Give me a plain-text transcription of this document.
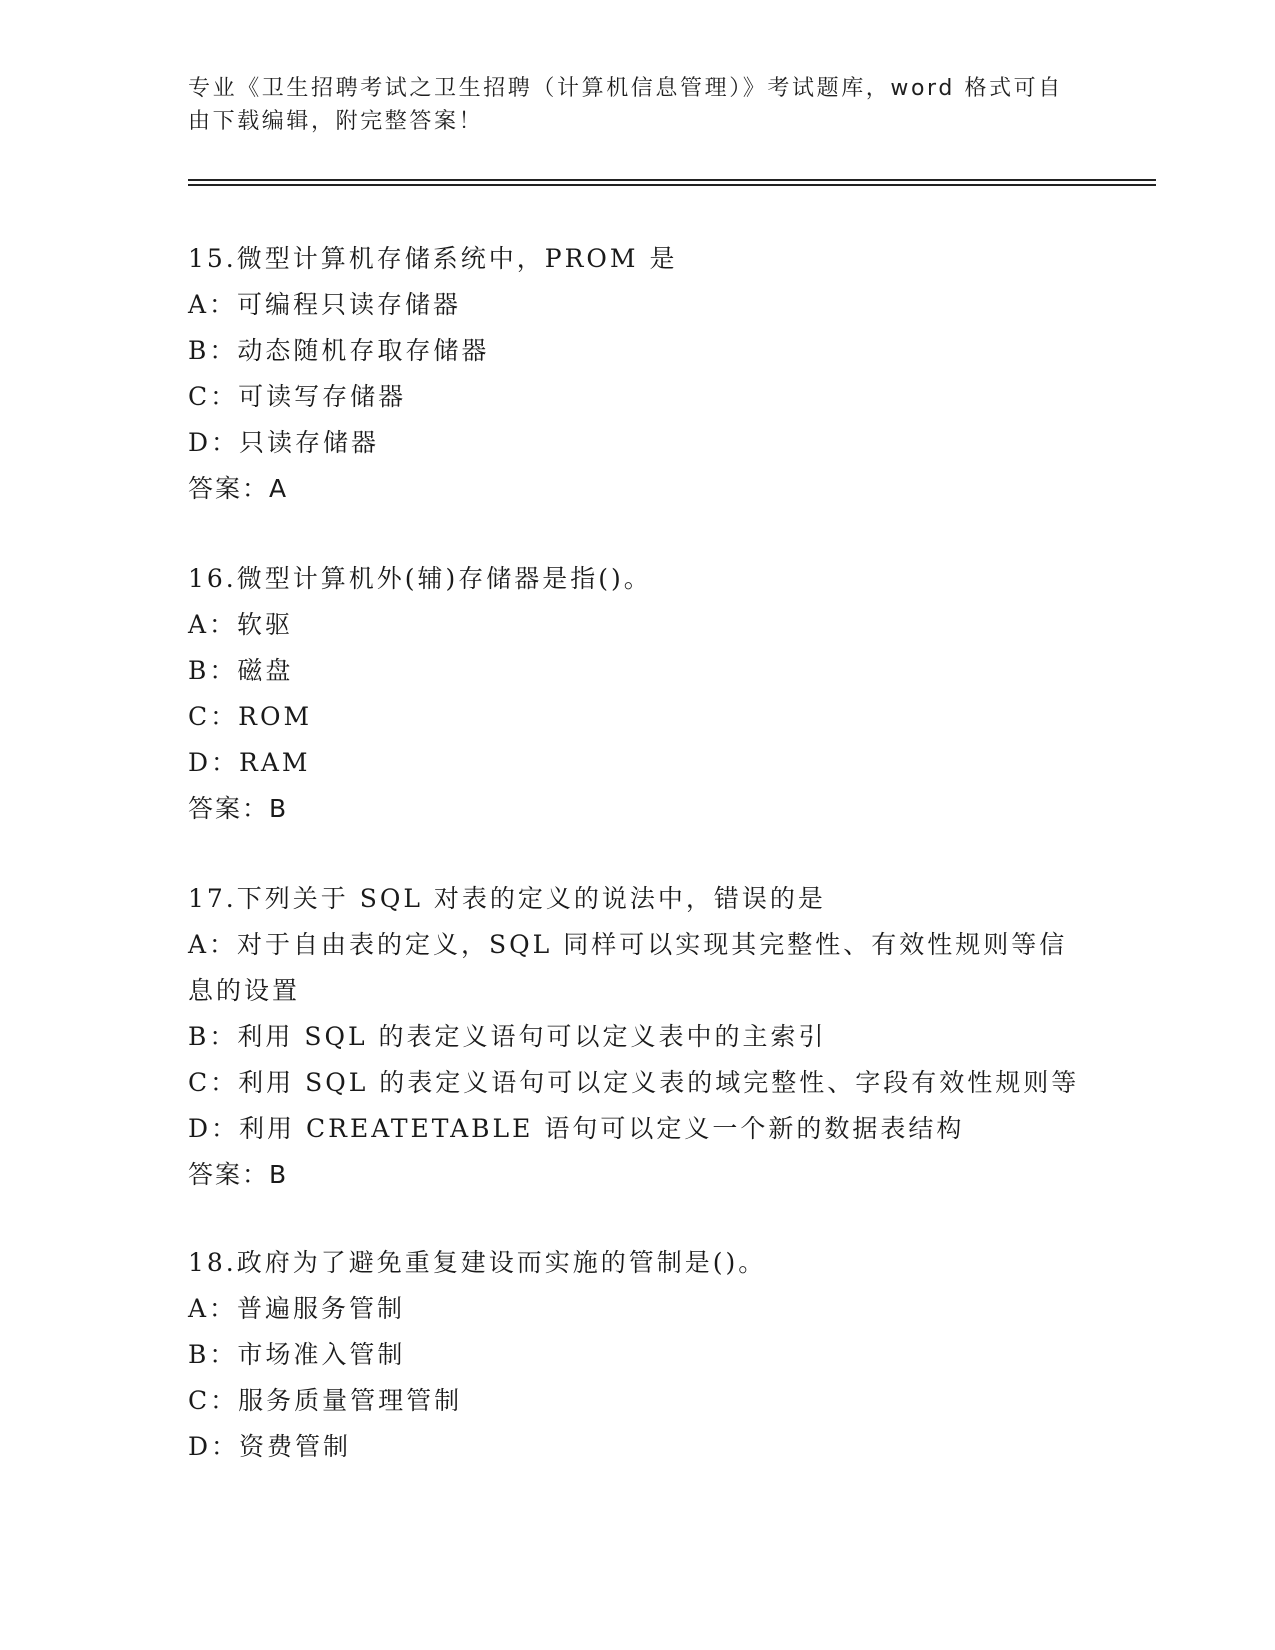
专业《卫生招聘考试之卫生招聘（计算机信息管理）》考试题库，word 格式可自由下载编辑，附完整答案！
15.微型计算机存储系统中，PROM 是
A：可编程只读存储器
B：动态随机存取存储器
C：可读写存储器
D：只读存储器
答案：A
16.微型计算机外(辅)存储器是指()。
A：软驱
B：磁盘
C：ROM
D：RAM
答案：B
17.下列关于 SQL 对表的定义的说法中，错误的是
A：对于自由表的定义，SQL 同样可以实现其完整性、有效性规则等信息的设置
B：利用 SQL 的表定义语句可以定义表中的主索引
C：利用 SQL 的表定义语句可以定义表的域完整性、字段有效性规则等
D：利用 CREATETABLE 语句可以定义一个新的数据表结构
答案：B
18.政府为了避免重复建设而实施的管制是()。
A：普遍服务管制
B：市场准入管制
C：服务质量管理管制
D：资费管制
